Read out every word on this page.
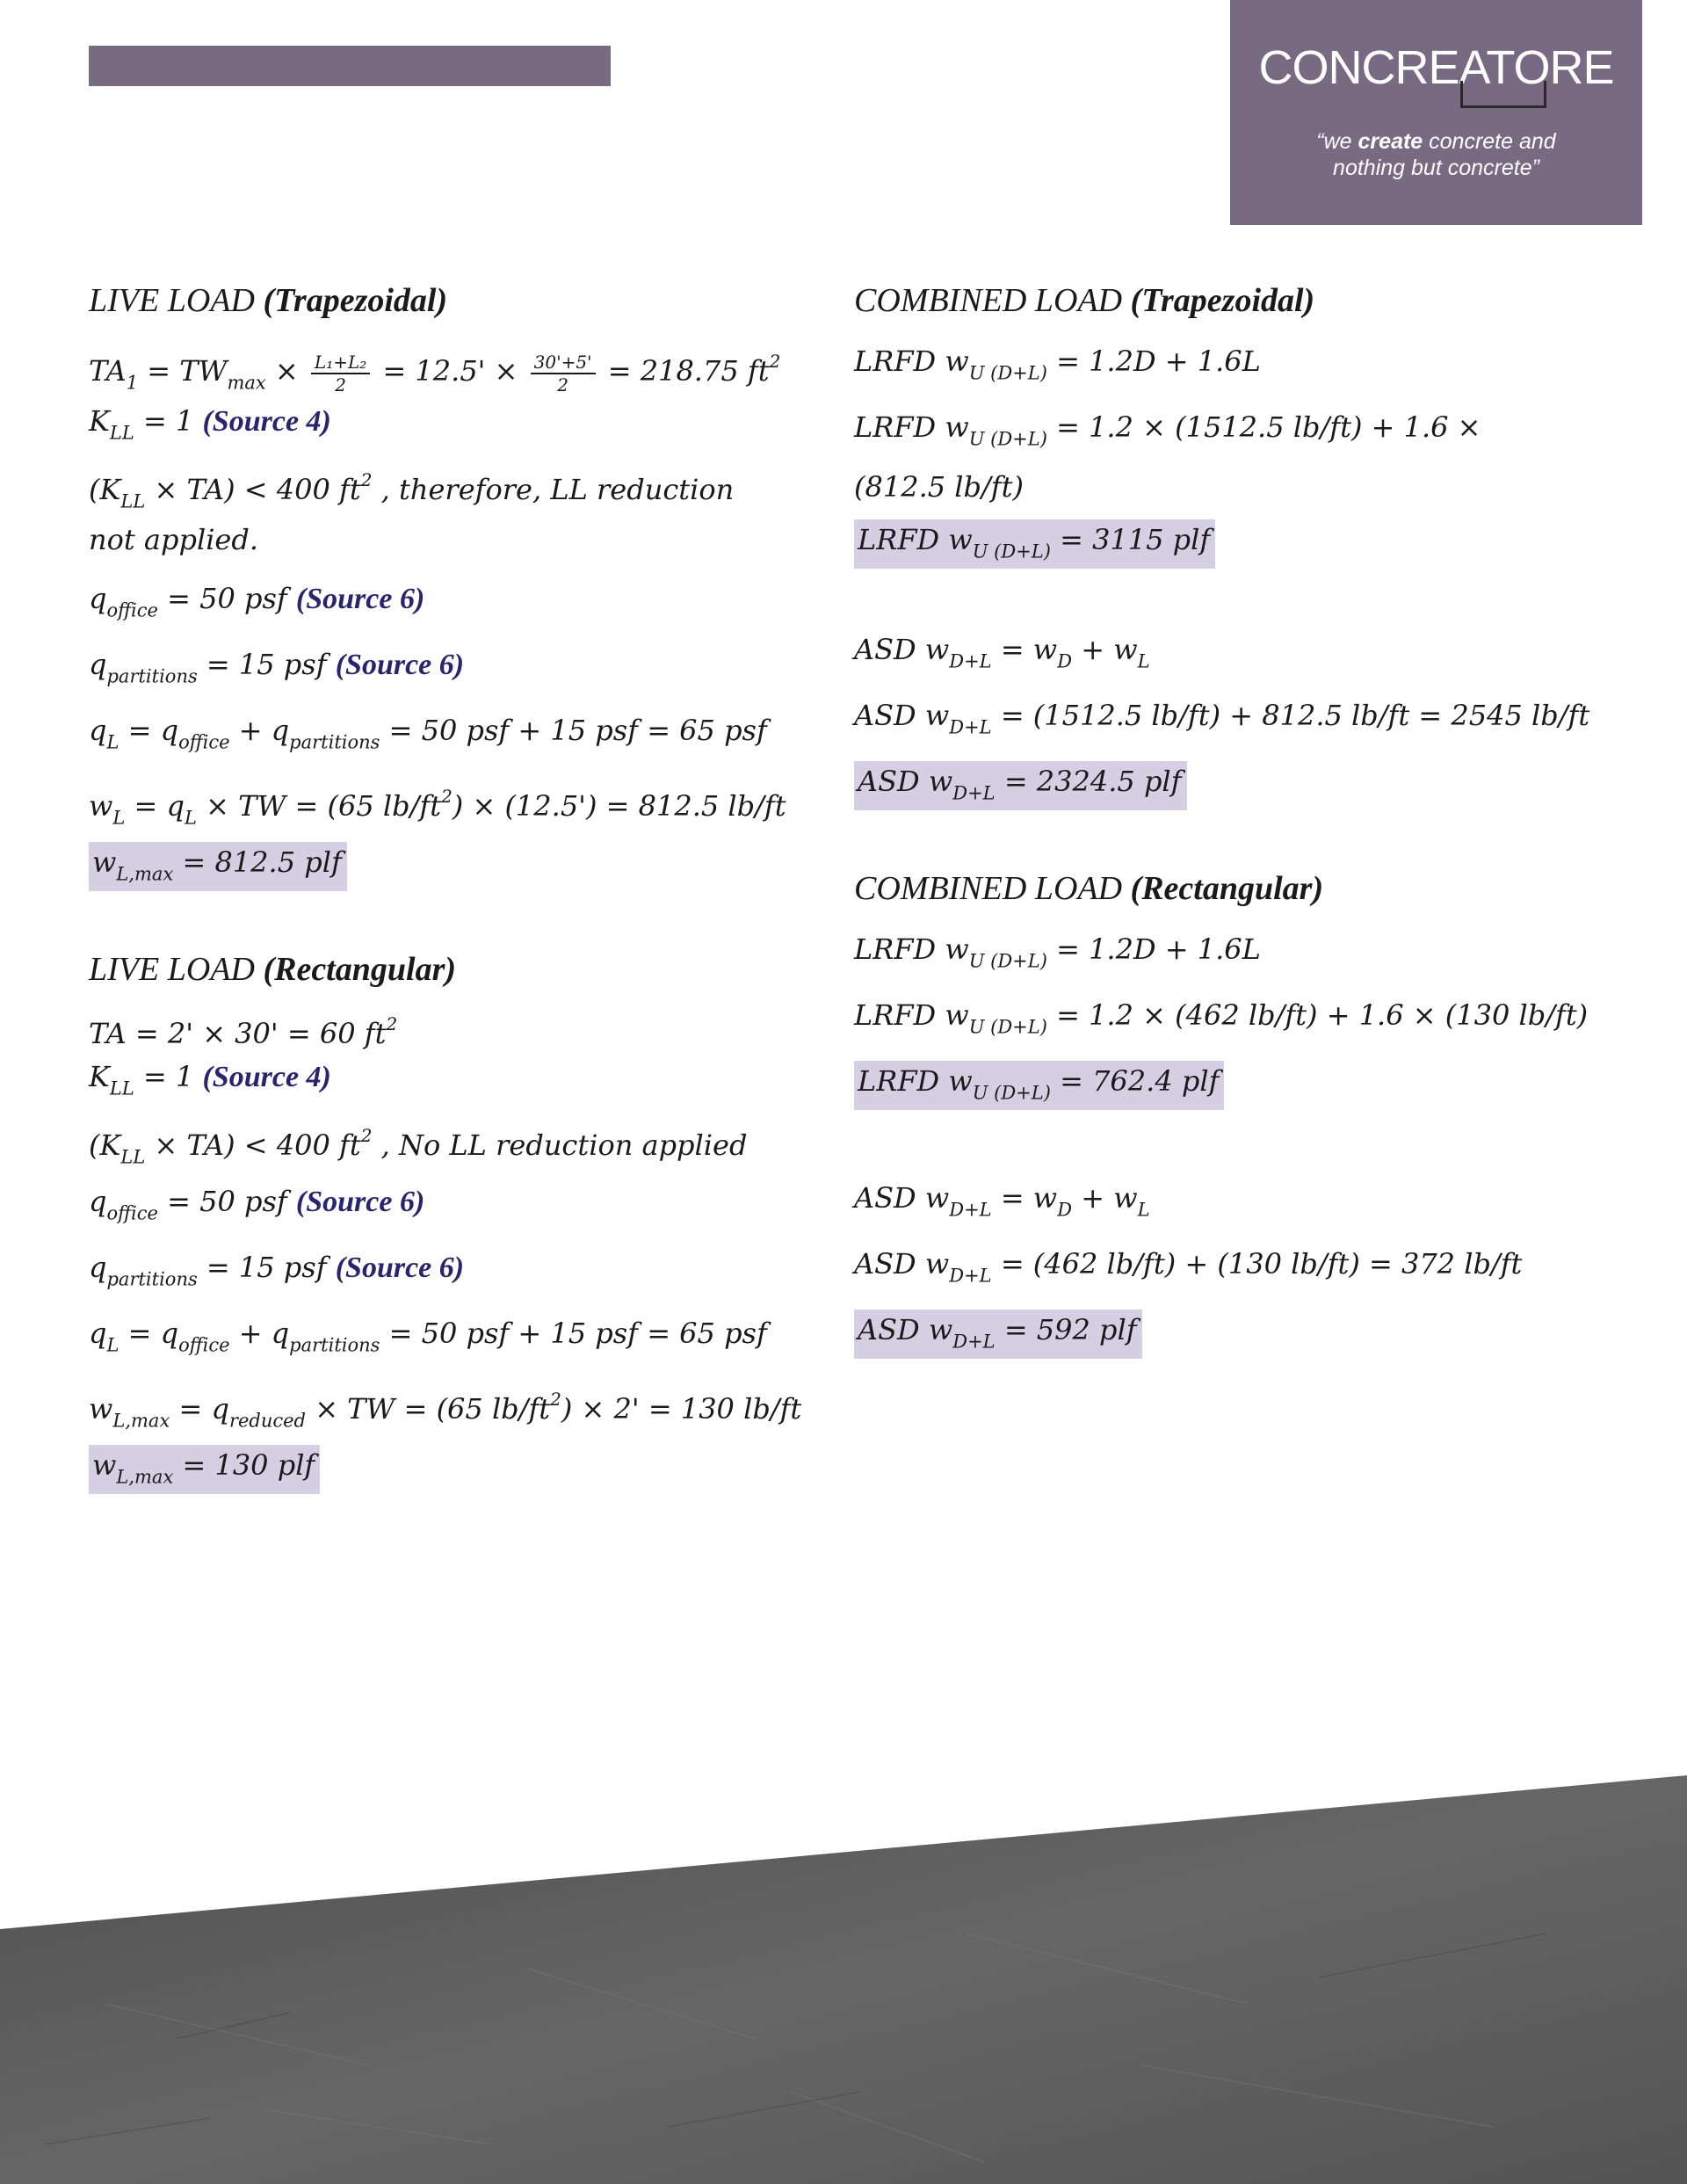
CONCREATORE
“we create concrete and
nothing but concrete”
LIVE LOAD (Trapezoidal)
$TA_1 = TW_{max} \times \frac{\text{L₁+L₂}}{2} = 12.5' \times \frac{30'+5'}{2} = 218.75$ $ft^2$
$K_{LL} = 1$ (Source 4)
$(K_{LL} \times TA) < 400$ $ft^2$ , therefore, LL reduction
not applied.
$q_{office} = 50$ psf (Source 6)
$q_{partitions} = 15$ psf (Source 6)
$q_L = q_{office} + q_{partitions} = 50$ psf + 15 psf = 65 psf
$w_L = q_L$ × TW = (65 $lb/ft^2) \times (12.5') = 812.5$ lb/ft
$w_{L,max} = 812.5$ plf
LIVE LOAD (Rectangular)
TA = 2' × 30' = 60 $ft^2$
$K_{LL} = 1$ (Source 4)
$(K_{LL} \times TA) < 400$ $ft^2$ , No LL reduction applied
$q_{office} = 50$ psf (Source 6)
$q_{partitions} = 15$ psf (Source 6)
$q_L = q_{office} + q_{partitions} = 50$ psf + 15 psf = 65 psf
$w_{L,max} = q_{reduced}$ × TW = (65 $lb/ft^2) \times 2' = 130$ lb/ft
$w_{L,max} = 130$ plf
COMBINED LOAD (Trapezoidal)
LRFD $w_{U (D+L)} = 1.2D + 1.6L$
LRFD $w_{U (D+L)} = 1.2 \times (1512.5$ lb/ft) + 1.6 ×
(812.5 lb/ft)
LRFD $w_{U (D+L)} = 3115$ plf
ASD $w_{D+L} = w_D + w_L$
ASD $w_{D+L} = (1512.5$ lb/ft) + 812.5 lb/ft = 2545 lb/ft
ASD $w_{D+L} = 2324.5$ plf
COMBINED LOAD (Rectangular)
LRFD $w_{U (D+L)} = 1.2D + 1.6L$
LRFD $w_{U (D+L)} = 1.2 \times (462$ lb/ft) + 1.6 × (130 lb/ft)
LRFD $w_{U (D+L)} = 762.4$ plf
ASD $w_{D+L} = w_D + w_L$
ASD $w_{D+L} = (462$ lb/ft) + (130 lb/ft) = 372 lb/ft
ASD $w_{D+L} = 592$ plf
